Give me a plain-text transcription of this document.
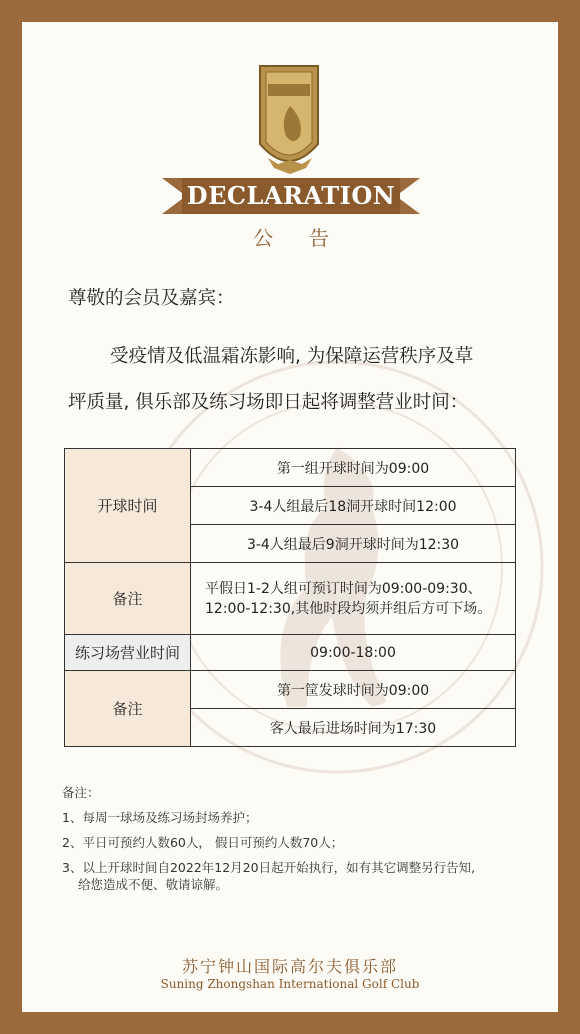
DECLARATION
公告
尊敬的会员及嘉宾：
受疫情及低温霜冻影响, 为保障运营秩序及草
坪质量, 俱乐部及练习场即日起将调整营业时间：
开球时间	第一组开球时间为09:00
	3-4人组最后18洞开球时间12:00
	3-4人组最后9洞开球时间为12:30
备注	平假日1-2人组可预订时间为09:00-09:30、12:00-12:30,其他时段均须并组后方可下场。
练习场营业时间	09:00-18:00
备注	第一筐发球时间为09:00
	客人最后进场时间为17:30
备注：
1、每周一球场及练习场封场养护；
2、平日可预约人数60人， 假日可预约人数70人；
3、以上开球时间自2022年12月20日起开始执行，如有其它调整另行告知,
给您造成不便、敬请谅解。
苏宁钟山国际高尔夫俱乐部
Suning Zhongshan International Golf Club
